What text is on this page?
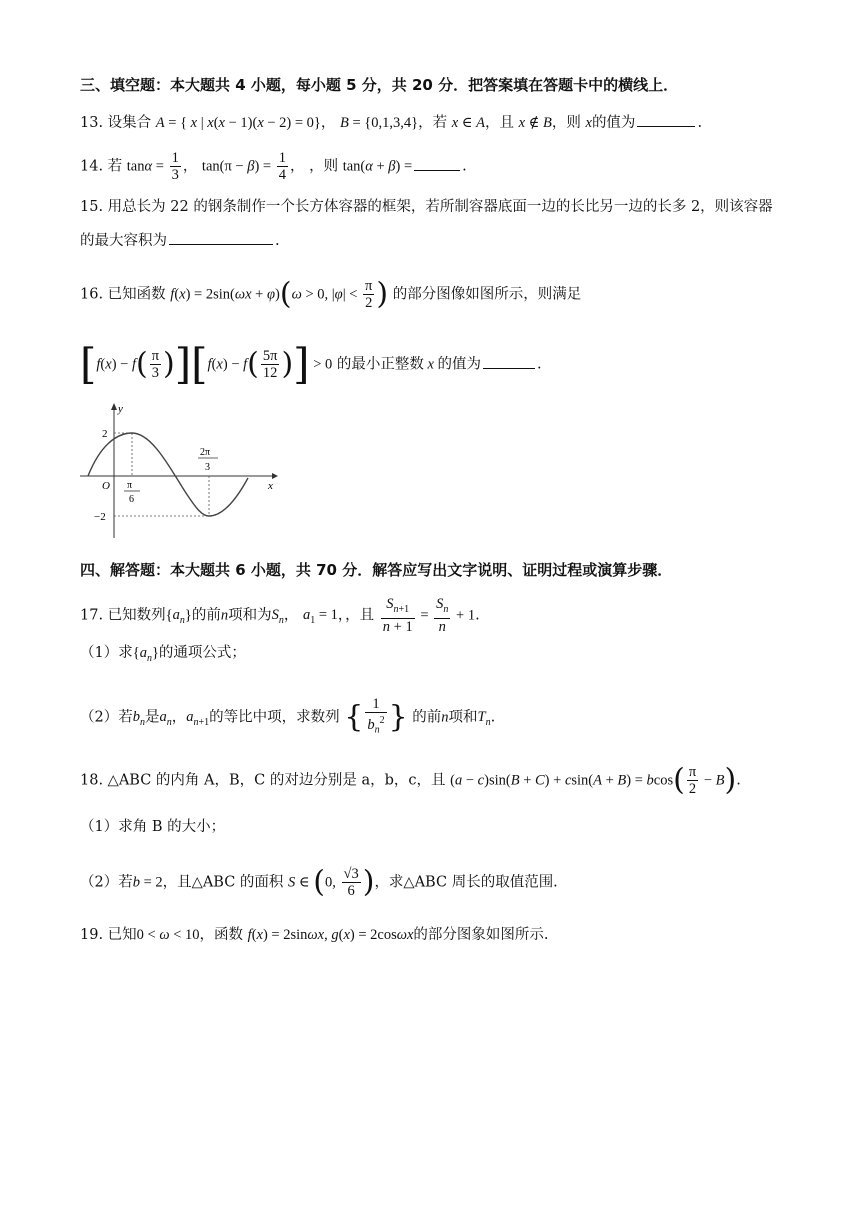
三、填空题：本大题共 4 小题，每小题 5 分，共 20 分．把答案填在答题卡中的横线上．
13. 设集合 A = { x | x(x − 1)(x − 2) = 0}， B = {0,1,3,4}，若 x ∈ A，且 x ∉ B，则 x的值为	.
14. 若 $\tan\alpha = \frac{1}{3}$ ， $\tan(\pi - \beta) = \frac{1}{4}$ ， ，则 tan(α + β) =	.
15. 用总长为 22 的钢条制作一个长方体容器的框架，若所制容器底面一边的长比另一边的长多 2，则该容器
的最大容积为	.
16. 已知函数 f(x) = 2sin(ωx + φ)(ω > 0, $|\varphi| < \frac{\pi}{2}$ ) 的部分图像如图所示，则满足
$[f(x) - f( \frac{\pi}{3} )][f(x) - f( \frac{5\pi}{12}$ )] > 0 的最小正整数 x 的值为	.
y
x
O
2
−2
π
6
2π
3
四、解答题：本大题共 6 小题，共 70 分．解答应写出文字说明、证明过程或演算步骤．
17. 已知数列$\{a_n\}$的前n项和为$S_n$， $a_1 = 1$，，且 $\frac{S_{n+1}}{n + 1} = \frac{S_n}{n} + 1$.
（1）求$\{a_n\}$的通项公式；
（2）若$b_n$是$a_n$，$a_{n+1}$的等比中项，求数列 { $\frac{1}{b_n^2}$ } 的前n项和$T_n$.
18. △ABC 的内角 A，B，C 的对边分别是 a，b，c，且 $(a - c)\sin(B + C) + csin(A + B) = bcos( \frac{\pi}{2} - B)$.
（1）求角 B 的大小；
（2）若b = 2，且△ABC 的面积 S ∈ (0, $\frac{√3}{6}$ )，求△ABC 周长的取值范围.
19. 已知0 < ω < 10，函数 f(x) = 2sinωx, g(x) = 2cosωx的部分图象如图所示.
